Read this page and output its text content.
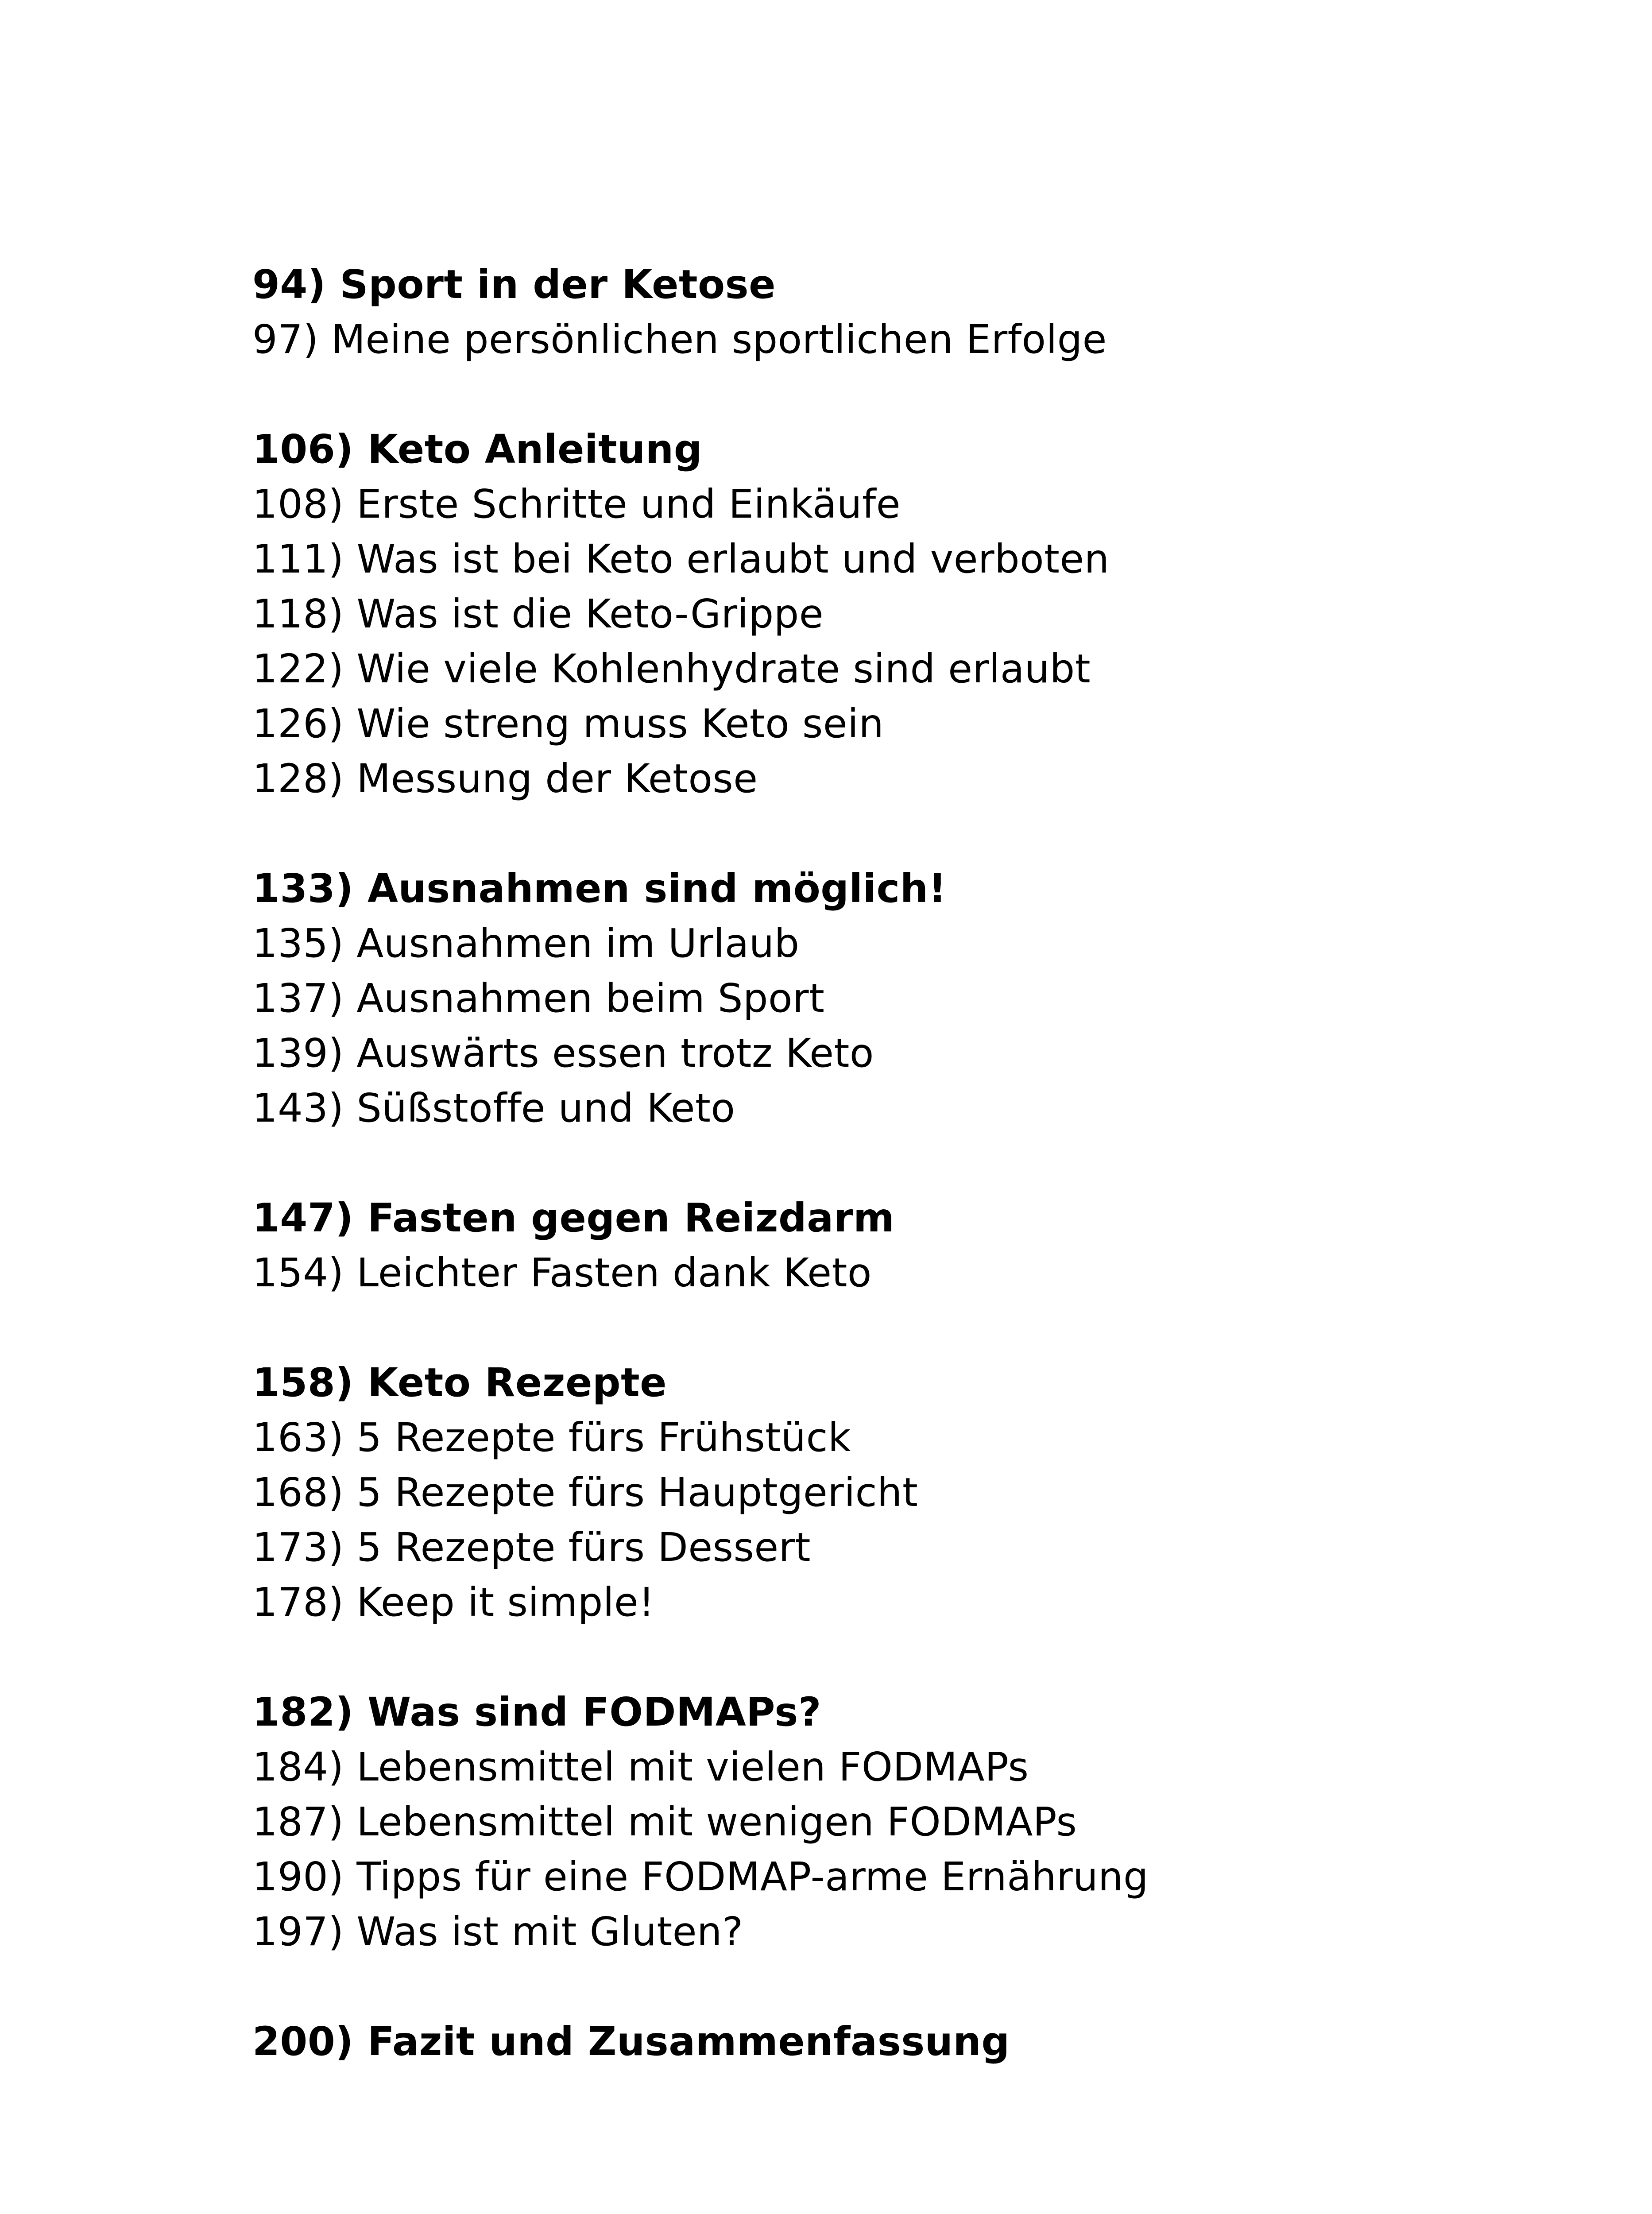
94) Sport in der Ketose
97) Meine persönlichen sportlichen Erfolge
106) Keto Anleitung
108) Erste Schritte und Einkäufe
111) Was ist bei Keto erlaubt und verboten
118) Was ist die Keto-Grippe
122) Wie viele Kohlenhydrate sind erlaubt
126) Wie streng muss Keto sein
128) Messung der Ketose
133) Ausnahmen sind möglich!
135) Ausnahmen im Urlaub
137) Ausnahmen beim Sport
139) Auswärts essen trotz Keto
143) Süßstoffe und Keto
147) Fasten gegen Reizdarm
154) Leichter Fasten dank Keto
158) Keto Rezepte
163) 5 Rezepte fürs Frühstück
168) 5 Rezepte fürs Hauptgericht
173) 5 Rezepte fürs Dessert
178) Keep it simple!
182) Was sind FODMAPs?
184) Lebensmittel mit vielen FODMAPs
187) Lebensmittel mit wenigen FODMAPs
190) Tipps für eine FODMAP-arme Ernährung
197) Was ist mit Gluten?
200) Fazit und Zusammenfassung
